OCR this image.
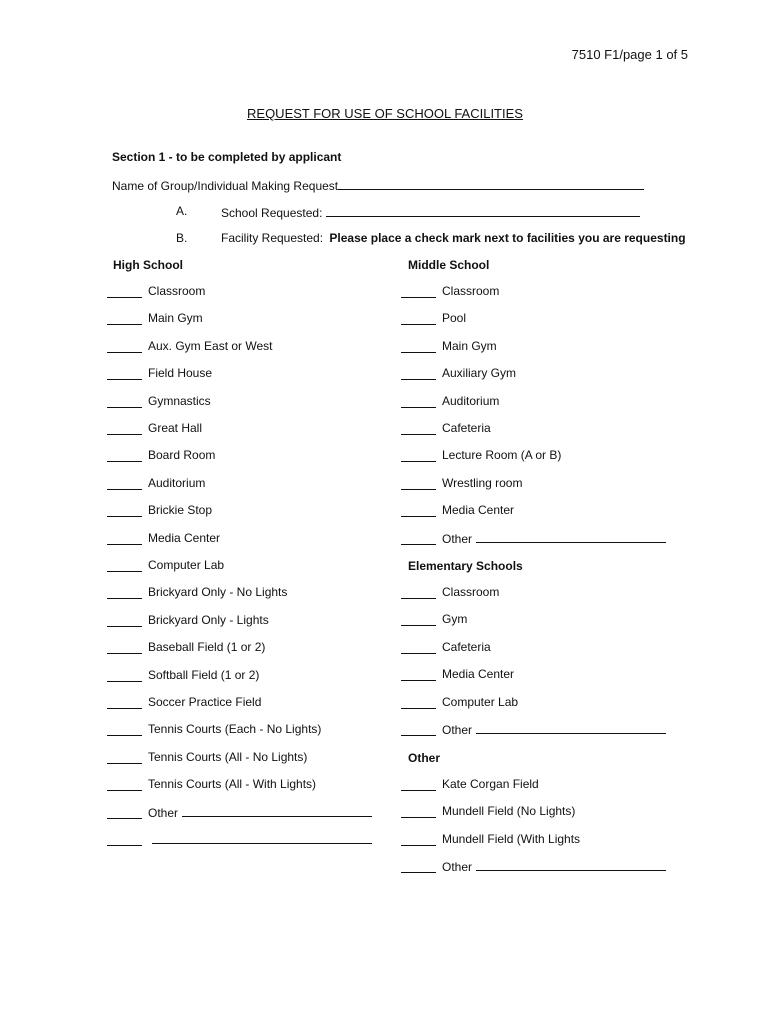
7510 F1/page 1 of 5
REQUEST FOR USE OF SCHOOL FACILITIES
Section 1 - to be completed by applicant
Name of Group/Individual Making Request
A.	School Requested:
B.	Facility Requested: Please place a check mark next to facilities you are requesting
High School	Middle School
Elementary Schools
Other
Classroom
Main Gym
Aux. Gym East or West
Field House
Gymnastics
Great Hall
Board Room
Auditorium
Brickie Stop
Media Center
Computer Lab
Brickyard Only - No Lights
Brickyard Only - Lights
Baseball Field (1 or 2)
Softball Field (1 or 2)
Soccer Practice Field
Tennis Courts (Each - No Lights)
Tennis Courts (All - No Lights)
Tennis Courts (All - With Lights)
Other
Classroom
Pool
Main Gym
Auxiliary Gym
Auditorium
Cafeteria
Lecture Room (A or B)
Wrestling room
Media Center
Other
Classroom
Gym
Cafeteria
Media Center
Computer Lab
Other
Kate Corgan Field
Mundell Field (No Lights)
Mundell Field (With Lights
Other
